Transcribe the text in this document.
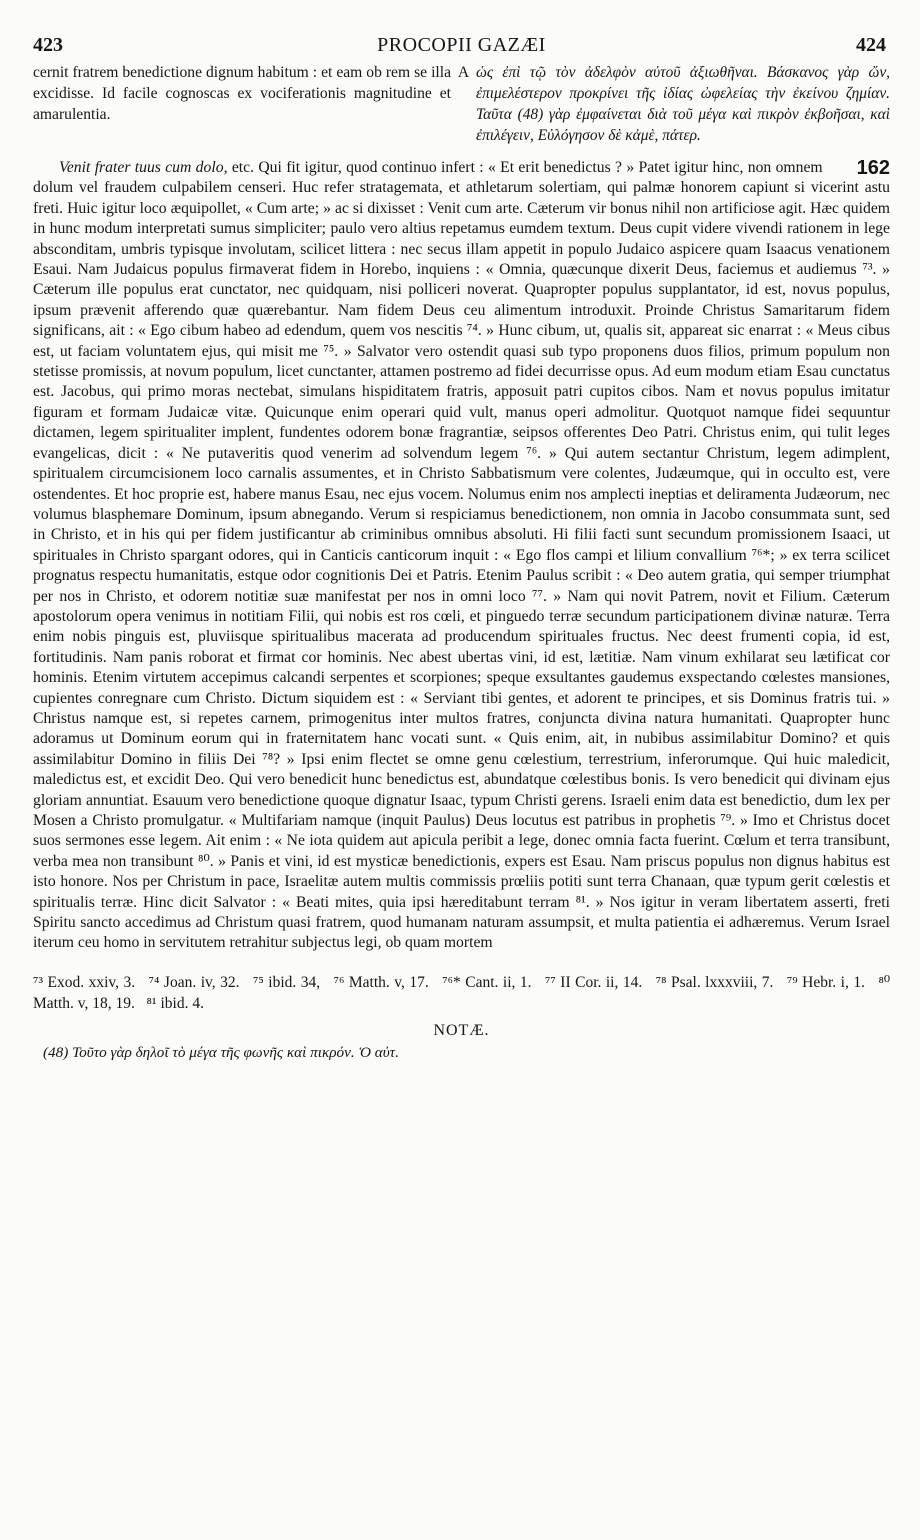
423	PROCOPII GAZÆI	424
cernit fratrem benedictione dignum habitum : et eam ob rem se illa excidisse. Id facile cognoscas ex vociferationis magnitudine et amarulentia.
A ὡς ἐπὶ τῷ τὸν ἀδελφὸν αὐτοῦ ἀξιωθῆναι. Βάσκανος γὰρ ὤν, ἐπιμελέστερον προκρίνει τῆς ἰδίας ὠφελείας τὴν ἐκείνου ζημίαν. Ταῦτα (48) γὰρ ἐμφαίνεται διὰ τοῦ μέγα καὶ πικρὸν ἐκβοῆσαι, καὶ ἐπιλέγειν, Εὐλόγησον δὲ κἀμὲ, πάτερ.

162
Venit frater tuus cum dolo, etc. Qui fit igitur, quod continuo infert : « Et erit benedictus ? » Patet igitur hinc, non omnem dolum vel fraudem culpabilem censeri. Huc refer stratagemata, et athletarum solertiam, qui palmæ honorem capiunt si vicerint astu freti. Huic igitur loco æquipollet, « Cum arte; » ac si dixisset : Venit cum arte. Cæterum vir bonus nihil non artificiose agit. Hæc quidem in hunc modum interpretati sumus simpliciter; paulo vero altius repetamus eumdem textum. Deus cupit videre vivendi rationem in lege absconditam, umbris typisque involutam, scilicet littera : nec secus illam appetit in populo Judaico aspicere quam Isaacus venationem Esaui. Nam Judaicus populus firmaverat fidem in Horebo, inquiens : « Omnia, quæcunque dixerit Deus, faciemus et audiemus ⁷³. » Cæterum ille populus erat cunctator, nec quidquam, nisi polliceri noverat. Quapropter populus supplantator, id est, novus populus, ipsum prævenit afferendo quæ quærebantur. Nam fidem Deus ceu alimentum introduxit. Proinde Christus Samaritarum fidem significans, ait : « Ego cibum habeo ad edendum, quem vos nescitis ⁷⁴. » Hunc cibum, ut, qualis sit, appareat sic enarrat : « Meus cibus est, ut faciam voluntatem ejus, qui misit me ⁷⁵. » Salvator vero ostendit quasi sub typo proponens duos filios, primum populum non stetisse promissis, at novum populum, licet cunctanter, attamen postremo ad fidei decurrisse opus. Ad eum modum etiam Esau cunctatus est. Jacobus, qui primo moras nectebat, simulans hispiditatem fratris, apposuit patri cupitos cibos. Nam et novus populus imitatur figuram et formam Judaicæ vitæ. Quicunque enim operari quid vult, manus operi admolitur. Quotquot namque fidei sequuntur dictamen, legem spiritualiter implent, fundentes odorem bonæ fragrantiæ, seipsos offerentes Deo Patri. Christus enim, qui tulit leges evangelicas, dicit : « Ne putaveritis quod venerim ad solvendum legem ⁷⁶. » Qui autem sectantur Christum, legem adimplent, spiritualem circumcisionem loco carnalis assumentes, et in Christo Sabbatismum vere colentes, Judæumque, qui in occulto est, vere ostendentes. Et hoc proprie est, habere manus Esau, nec ejus vocem. Nolumus enim nos amplecti ineptias et deliramenta Judæorum, nec volumus blasphemare Dominum, ipsum abnegando. Verum si respiciamus benedictionem, non omnia in Jacobo consummata sunt, sed in Christo, et in his qui per fidem justificantur ab criminibus omnibus absoluti. Hi filii facti sunt secundum promissionem Isaaci, ut spirituales in Christo spargant odores, qui in Canticis canticorum inquit : « Ego flos campi et lilium convallium ⁷⁶*; » ex terra scilicet prognatus respectu humanitatis, estque odor cognitionis Dei et Patris. Etenim Paulus scribit : « Deo autem gratia, qui semper triumphat per nos in Christo, et odorem notitiæ suæ manifestat per nos in omni loco ⁷⁷. » Nam qui novit Patrem, novit et Filium. Cæterum apostolorum opera venimus in notitiam Filii, qui nobis est ros cœli, et pinguedo terræ secundum participationem divinæ naturæ. Terra enim nobis pinguis est, pluviisque spiritualibus macerata ad producendum spirituales fructus. Nec deest frumenti copia, id est, fortitudinis. Nam panis roborat et firmat cor hominis. Nec abest ubertas vini, id est, lætitiæ. Nam vinum exhilarat seu lætificat cor hominis. Etenim virtutem accepimus calcandi serpentes et scorpiones; speque exsultantes gaudemus exspectando cœlestes mansiones, cupientes conregnare cum Christo. Dictum siquidem est : « Serviant tibi gentes, et adorent te principes, et sis Dominus fratris tui. » Christus namque est, si repetes carnem, primogenitus inter multos fratres, conjuncta divina natura humanitati. Quapropter hunc adoramus ut Dominum eorum qui in fraternitatem hanc vocati sunt. « Quis enim, ait, in nubibus assimilabitur Domino? et quis assimilabitur Domino in filiis Dei ⁷⁸? » Ipsi enim flectet se omne genu cœlestium, terrestrium, inferorumque. Qui huic maledicit, maledictus est, et excidit Deo. Qui vero benedicit hunc benedictus est, abundatque cœlestibus bonis. Is vero benedicit qui divinam ejus gloriam annuntiat. Esauum vero benedictione quoque dignatur Isaac, typum Christi gerens. Israeli enim data est benedictio, dum lex per Mosen a Christo promulgatur. « Multifariam namque (inquit Paulus) Deus locutus est patribus in prophetis ⁷⁹. » Imo et Christus docet suos sermones esse legem. Ait enim : « Ne iota quidem aut apicula peribit a lege, donec omnia facta fuerint. Cœlum et terra transibunt, verba mea non transibunt ⁸⁰. » Panis et vini, id est mysticæ benedictionis, expers est Esau. Nam priscus populus non dignus habitus est isto honore. Nos per Christum in pace, Israelitæ autem multis commissis prœliis potiti sunt terra Chanaan, quæ typum gerit cœlestis et spiritualis terræ. Hinc dicit Salvator : « Beati mites, quia ipsi hæreditabunt terram ⁸¹. » Nos igitur in veram libertatem asserti, freti Spiritu sancto accedimus ad Christum quasi fratrem, quod humanam naturam assumpsit, et multa patientia ei adhæremus. Verum Israel iterum ceu homo in servitutem retrahitur subjectus legi, ob quam mortem

⁷³ Exod. xxiv, 3. ⁷⁴ Joan. iv, 32. ⁷⁵ ibid. 34, ⁷⁶ Matth. v, 17. ⁷⁶* Cant. ii, 1. ⁷⁷ II Cor. ii, 14. ⁷⁸ Psal. lxxxviii, 7. ⁷⁹ Hebr. i, 1. ⁸⁰ Matth. v, 18, 19. ⁸¹ ibid. 4.
NOTÆ.
(48) Τοῦτο γὰρ δηλοῖ τὸ μέγα τῆς φωνῆς καὶ πικρόν. Ὁ αὐτ.
